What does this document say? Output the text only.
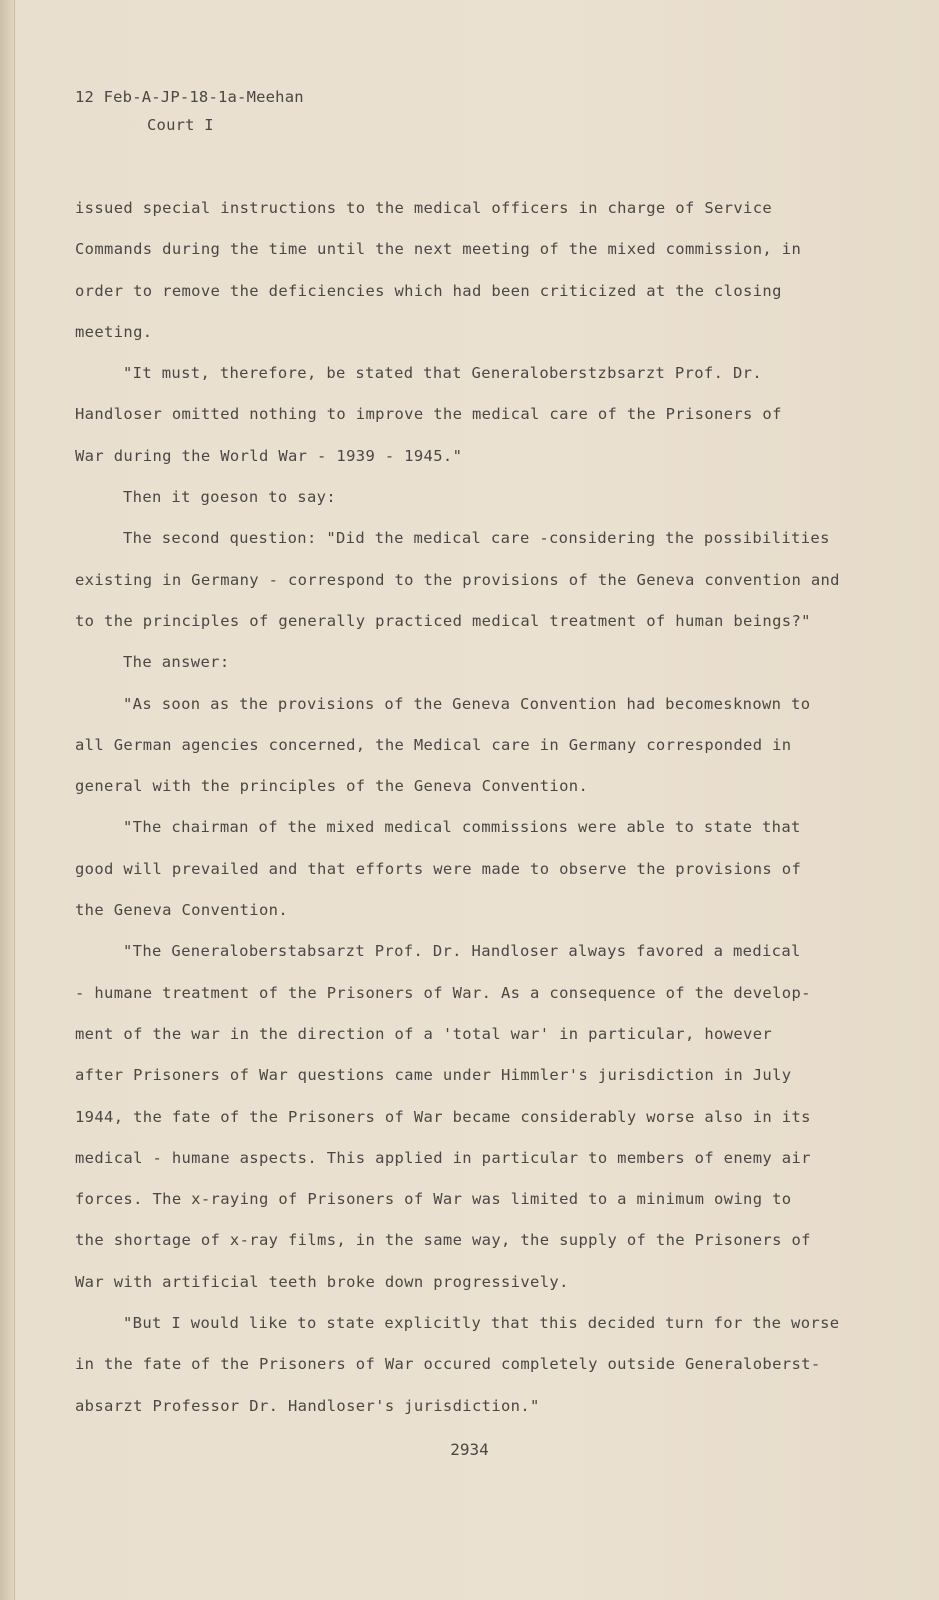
12 Feb-A-JP-18-1a-Meehan
Court I

issued special instructions to the medical officers in charge of Service

Commands during the time until the next meeting of the mixed commission, in

order to remove the deficiencies which had been criticized at the closing

meeting.

"It must, therefore, be stated that Generaloberstzbsarzt Prof. Dr.

Handloser omitted nothing to improve the medical care of the Prisoners of

War during the World War - 1939 - 1945."

Then it goeson to say:

The second question: "Did the medical care -considering the possibilities

existing in Germany - correspond to the provisions of the Geneva convention and

to the principles of generally practiced medical treatment of human beings?"

The answer:

"As soon as the provisions of the Geneva Convention had becomesknown to

all German agencies concerned, the Medical care in Germany corresponded in

general with the principles of the Geneva Convention.

"The chairman of the mixed medical commissions were able to state that

good will prevailed and that efforts were made to observe the provisions of

the Geneva Convention.

"The Generaloberstabsarzt Prof. Dr. Handloser always favored a medical

- humane treatment of the Prisoners of War. As a consequence of the develop-

ment of the war in the direction of a 'total war' in particular, however

after Prisoners of War questions came under Himmler's jurisdiction in July

1944, the fate of the Prisoners of War became considerably worse also in its

medical - humane aspects. This applied in particular to members of enemy air

forces. The x-raying of Prisoners of War was limited to a minimum owing to

the shortage of x-ray films, in the same way, the supply of the Prisoners of

War with artificial teeth broke down progressively.

"But I would like to state explicitly that this decided turn for the worse

in the fate of the Prisoners of War occured completely outside Generaloberst-

absarzt Professor Dr. Handloser's jurisdiction."

2934
